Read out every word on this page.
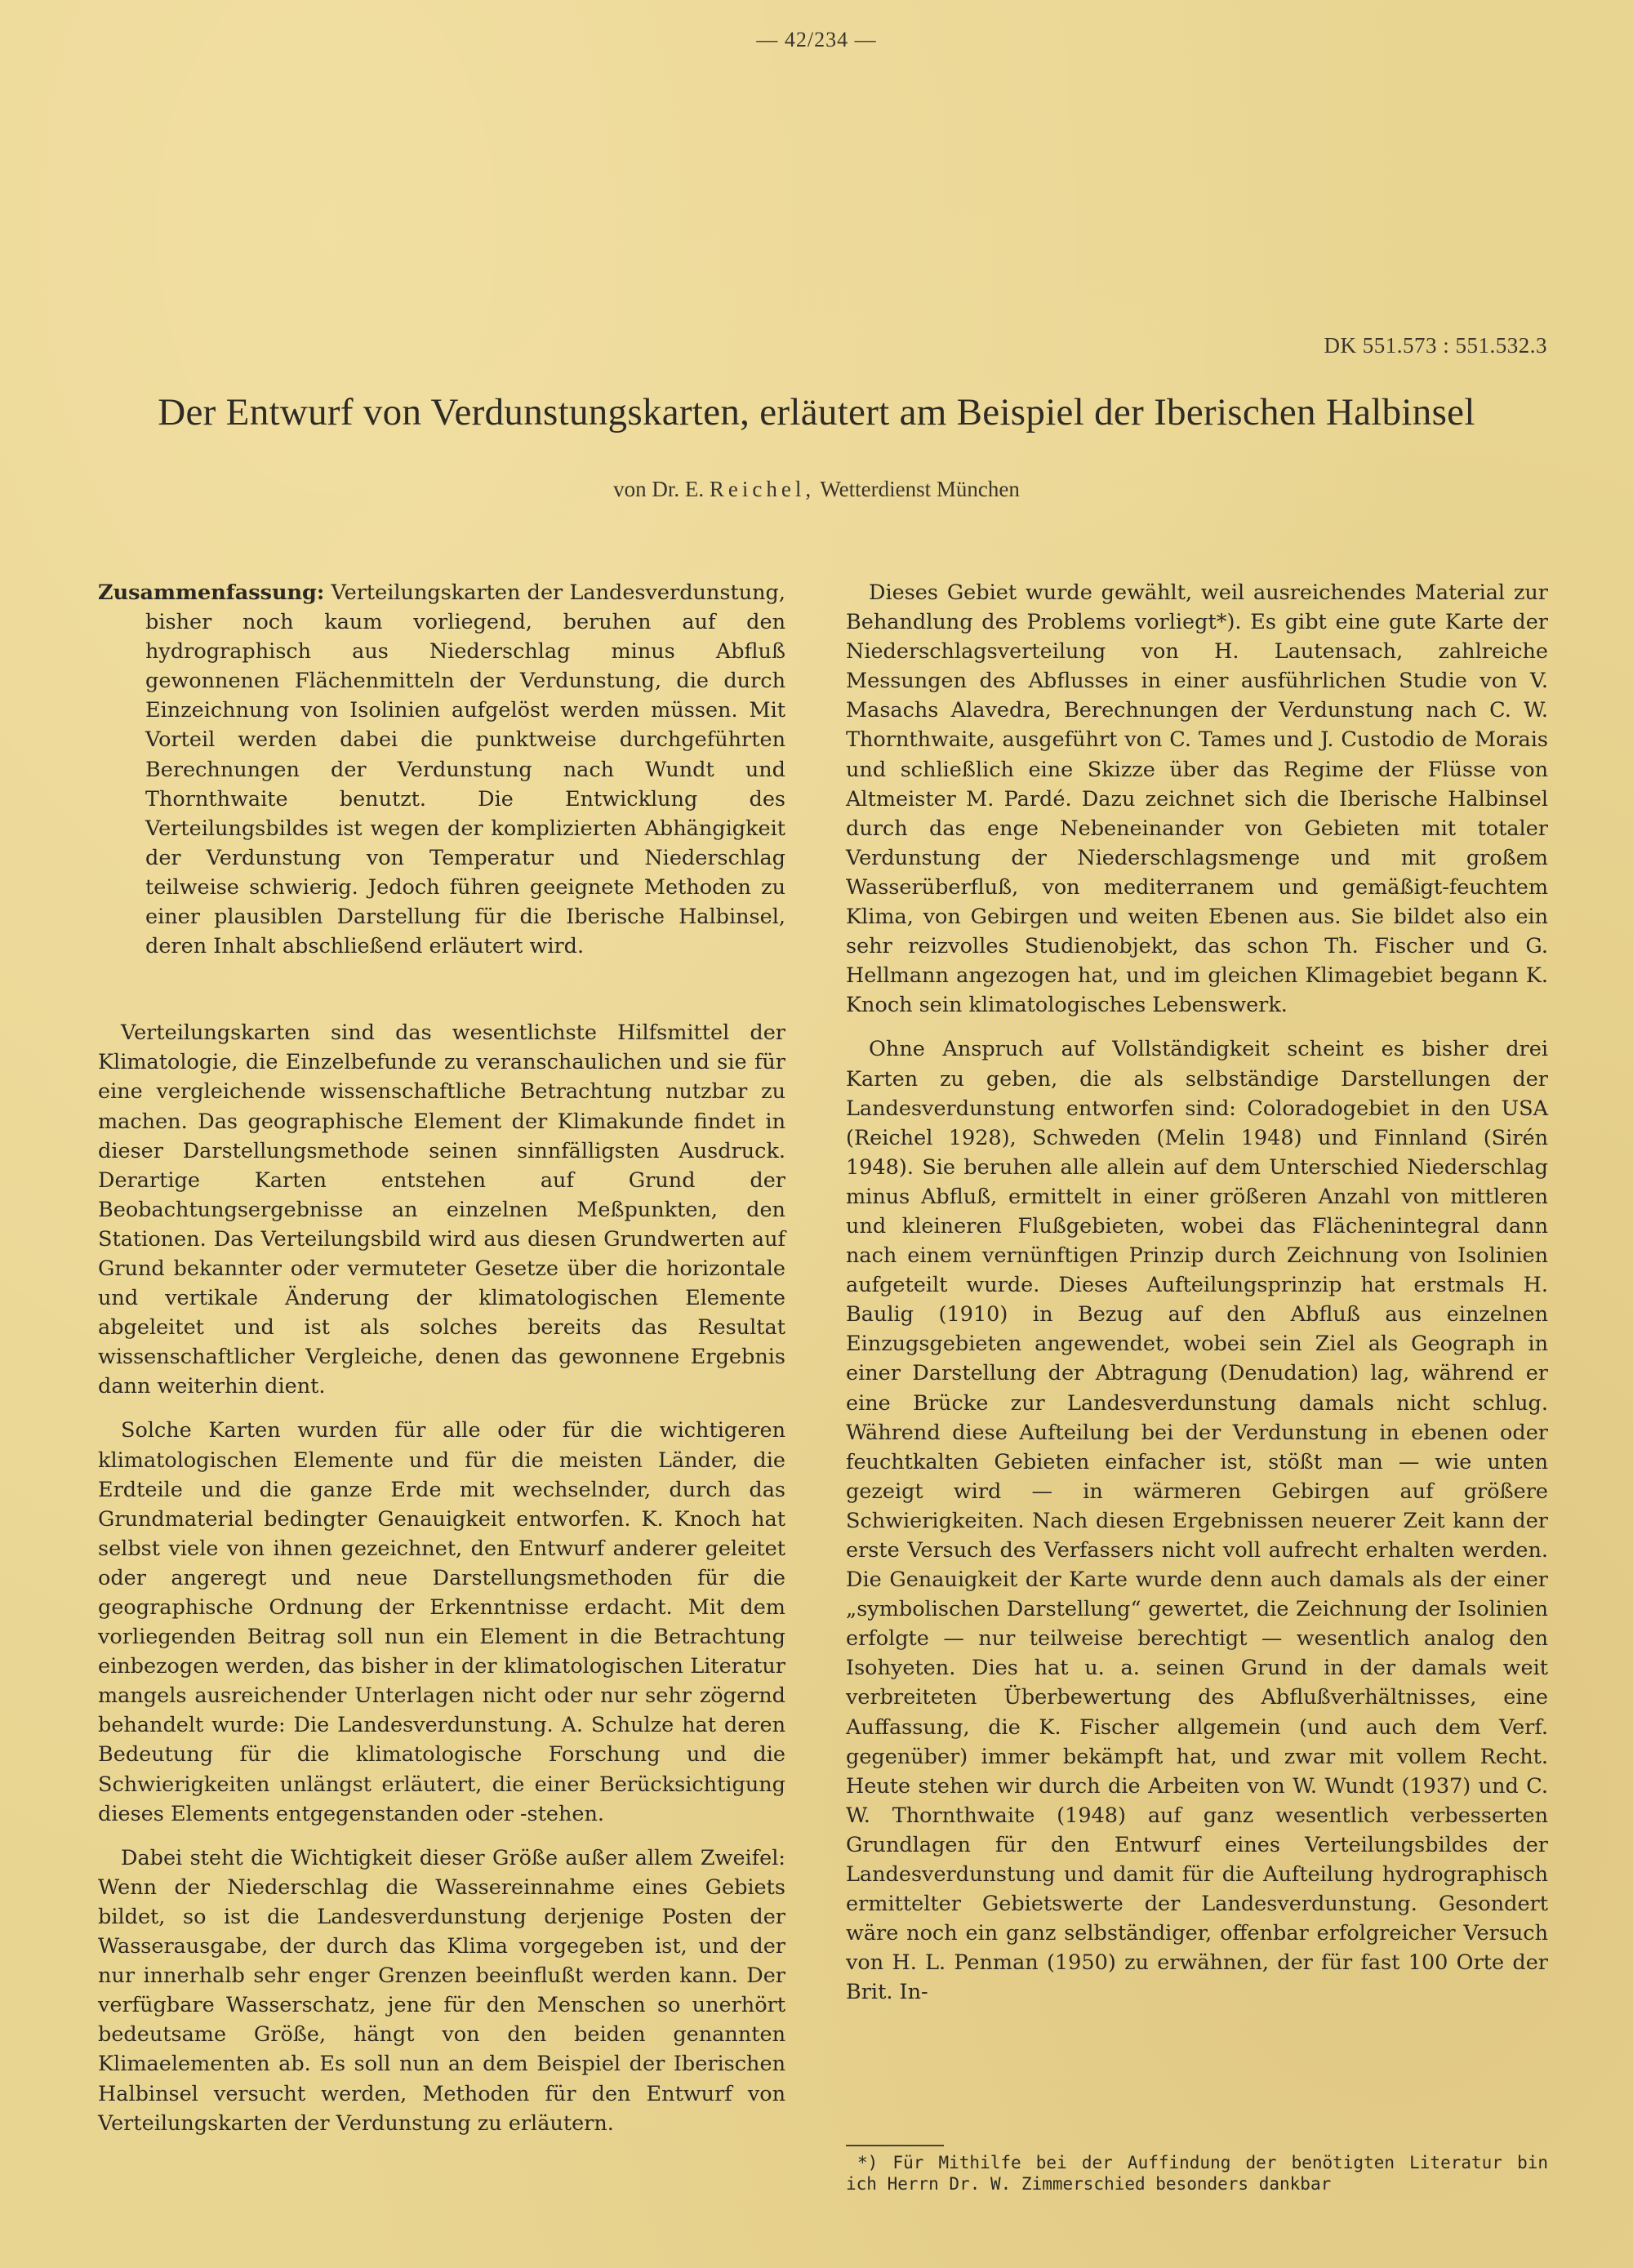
— 42/234 —
DK 551.573 : 551.532.3
Der Entwurf von Verdunstungskarten, erläutert am Beispiel der Iberischen Halbinsel
von Dr. E. Reichel, Wetterdienst München
Zusammenfassung: Verteilungskarten der Landesverdunstung, bisher noch kaum vorliegend, beruhen auf den hydrographisch aus Niederschlag minus Abfluß gewonnenen Flächenmitteln der Verdunstung, die durch Einzeichnung von Isolinien aufgelöst werden müssen. Mit Vorteil werden dabei die punktweise durchgeführten Berechnungen der Verdunstung nach Wundt und Thornthwaite benutzt. Die Entwicklung des Verteilungsbildes ist wegen der komplizierten Abhängigkeit der Verdunstung von Temperatur und Niederschlag teilweise schwierig. Jedoch führen geeignete Methoden zu einer plausiblen Darstellung für die Iberische Halbinsel, deren Inhalt abschließend erläutert wird.

Verteilungskarten sind das wesentlichste Hilfsmittel der Klimatologie, die Einzelbefunde zu veranschaulichen und sie für eine vergleichende wissenschaftliche Betrachtung nutzbar zu machen. Das geographische Element der Klimakunde findet in dieser Darstellungsmethode seinen sinnfälligsten Ausdruck. Derartige Karten entstehen auf Grund der Beobachtungsergebnisse an einzelnen Meßpunkten, den Stationen. Das Verteilungsbild wird aus diesen Grundwerten auf Grund bekannter oder vermuteter Gesetze über die horizontale und vertikale Änderung der klimatologischen Elemente abgeleitet und ist als solches bereits das Resultat wissenschaftlicher Vergleiche, denen das gewonnene Ergebnis dann weiterhin dient.

Solche Karten wurden für alle oder für die wichtigeren klimatologischen Elemente und für die meisten Länder, die Erdteile und die ganze Erde mit wechselnder, durch das Grundmaterial bedingter Genauigkeit entworfen. K. Knoch hat selbst viele von ihnen gezeichnet, den Entwurf anderer geleitet oder angeregt und neue Darstellungsmethoden für die geographische Ordnung der Erkenntnisse erdacht. Mit dem vorliegenden Beitrag soll nun ein Element in die Betrachtung einbezogen werden, das bisher in der klimatologischen Literatur mangels ausreichender Unterlagen nicht oder nur sehr zögernd behandelt wurde: Die Landesverdunstung. A. Schulze hat deren Bedeutung für die klimatologische Forschung und die Schwierigkeiten unlängst erläutert, die einer Berücksichtigung dieses Elements entgegenstanden oder -stehen.

Dabei steht die Wichtigkeit dieser Größe außer allem Zweifel: Wenn der Niederschlag die Wassereinnahme eines Gebiets bildet, so ist die Landesverdunstung derjenige Posten der Wasserausgabe, der durch das Klima vorgegeben ist, und der nur innerhalb sehr enger Grenzen beeinflußt werden kann. Der verfügbare Wasserschatz, jene für den Menschen so unerhört bedeutsame Größe, hängt von den beiden genannten Klimaelementen ab. Es soll nun an dem Beispiel der Iberischen Halbinsel versucht werden, Methoden für den Entwurf von Verteilungskarten der Verdunstung zu erläutern.

Dieses Gebiet wurde gewählt, weil ausreichendes Material zur Behandlung des Problems vorliegt*). Es gibt eine gute Karte der Niederschlagsverteilung von H. Lautensach, zahlreiche Messungen des Abflusses in einer ausführlichen Studie von V. Masachs Alavedra, Berechnungen der Verdunstung nach C. W. Thornthwaite, ausgeführt von C. Tames und J. Custodio de Morais und schließlich eine Skizze über das Regime der Flüsse von Altmeister M. Pardé. Dazu zeichnet sich die Iberische Halbinsel durch das enge Nebeneinander von Gebieten mit totaler Verdunstung der Niederschlagsmenge und mit großem Wasserüberfluß, von mediterranem und gemäßigt-feuchtem Klima, von Gebirgen und weiten Ebenen aus. Sie bildet also ein sehr reizvolles Studienobjekt, das schon Th. Fischer und G. Hellmann angezogen hat, und im gleichen Klimagebiet begann K. Knoch sein klimatologisches Lebenswerk.

Ohne Anspruch auf Vollständigkeit scheint es bisher drei Karten zu geben, die als selbständige Darstellungen der Landesverdunstung entworfen sind: Coloradogebiet in den USA (Reichel 1928), Schweden (Melin 1948) und Finnland (Sirén 1948). Sie beruhen alle allein auf dem Unterschied Niederschlag minus Abfluß, ermittelt in einer größeren Anzahl von mittleren und kleineren Flußgebieten, wobei das Flächenintegral dann nach einem vernünftigen Prinzip durch Zeichnung von Isolinien aufgeteilt wurde. Dieses Aufteilungsprinzip hat erstmals H. Baulig (1910) in Bezug auf den Abfluß aus einzelnen Einzugsgebieten angewendet, wobei sein Ziel als Geograph in einer Darstellung der Abtragung (Denudation) lag, während er eine Brücke zur Landesverdunstung damals nicht schlug. Während diese Aufteilung bei der Verdunstung in ebenen oder feuchtkalten Gebieten einfacher ist, stößt man — wie unten gezeigt wird — in wärmeren Gebirgen auf größere Schwierigkeiten. Nach diesen Ergebnissen neuerer Zeit kann der erste Versuch des Verfassers nicht voll aufrecht erhalten werden. Die Genauigkeit der Karte wurde denn auch damals als der einer „symbolischen Darstellung“ gewertet, die Zeichnung der Isolinien erfolgte — nur teilweise berechtigt — wesentlich analog den Isohyeten. Dies hat u. a. seinen Grund in der damals weit verbreiteten Überbewertung des Abflußverhältnisses, eine Auffassung, die K. Fischer allgemein (und auch dem Verf. gegenüber) immer bekämpft hat, und zwar mit vollem Recht. Heute stehen wir durch die Arbeiten von W. Wundt (1937) und C. W. Thornthwaite (1948) auf ganz wesentlich verbesserten Grundlagen für den Entwurf eines Verteilungsbildes der Landesverdunstung und damit für die Aufteilung hydrographisch ermittelter Gebietswerte der Landesverdunstung. Gesondert wäre noch ein ganz selbständiger, offenbar erfolgreicher Versuch von H. L. Penman (1950) zu erwähnen, der für fast 100 Orte der Brit. In-

*) Für Mithilfe bei der Auffindung der benötigten Literatur bin ich Herrn Dr. W. Zimmerschied besonders dankbar
